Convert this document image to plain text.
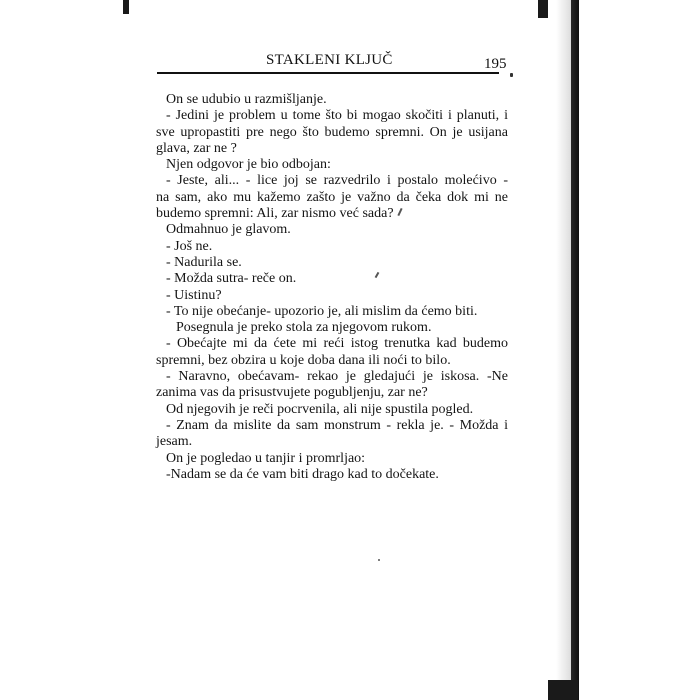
STAKLENI KLJUČ	195
On se udubio u razmišljanje.
- Jedini je problem u tome što bi mogao skočiti i planuti, i
sve upropastiti pre nego što budemo spremni. On je usijana
glava, zar ne ?
Njen odgovor je bio odbojan:
- Jeste, ali... - lice joj se razvedrilo i postalo molećivo -
na sam, ako mu kažemo zašto je važno da čeka dok mi ne
budemo spremni: Ali, zar nismo već sada?
Odmahnuo je glavom.
- Još ne.
- Nadurila se.
- Možda sutra- reče on.
- Uistinu?
- To nije obećanje- upozorio je, ali mislim da ćemo biti.
Posegnula je preko stola za njegovom rukom.
- Obećajte mi da ćete mi reći istog trenutka kad budemo
spremni, bez obzira u koje doba dana ili noći to bilo.
- Naravno, obećavam- rekao je gledajući je iskosa. -Ne
zanima vas da prisustvujete pogubljenju, zar ne?
Od njegovih je reči pocrvenila, ali nije spustila pogled.
- Znam da mislite da sam monstrum - rekla je. - Možda i
jesam.
On je pogledao u tanjir i promrljao:
-Nadam se da će vam biti drago kad to dočekate.
